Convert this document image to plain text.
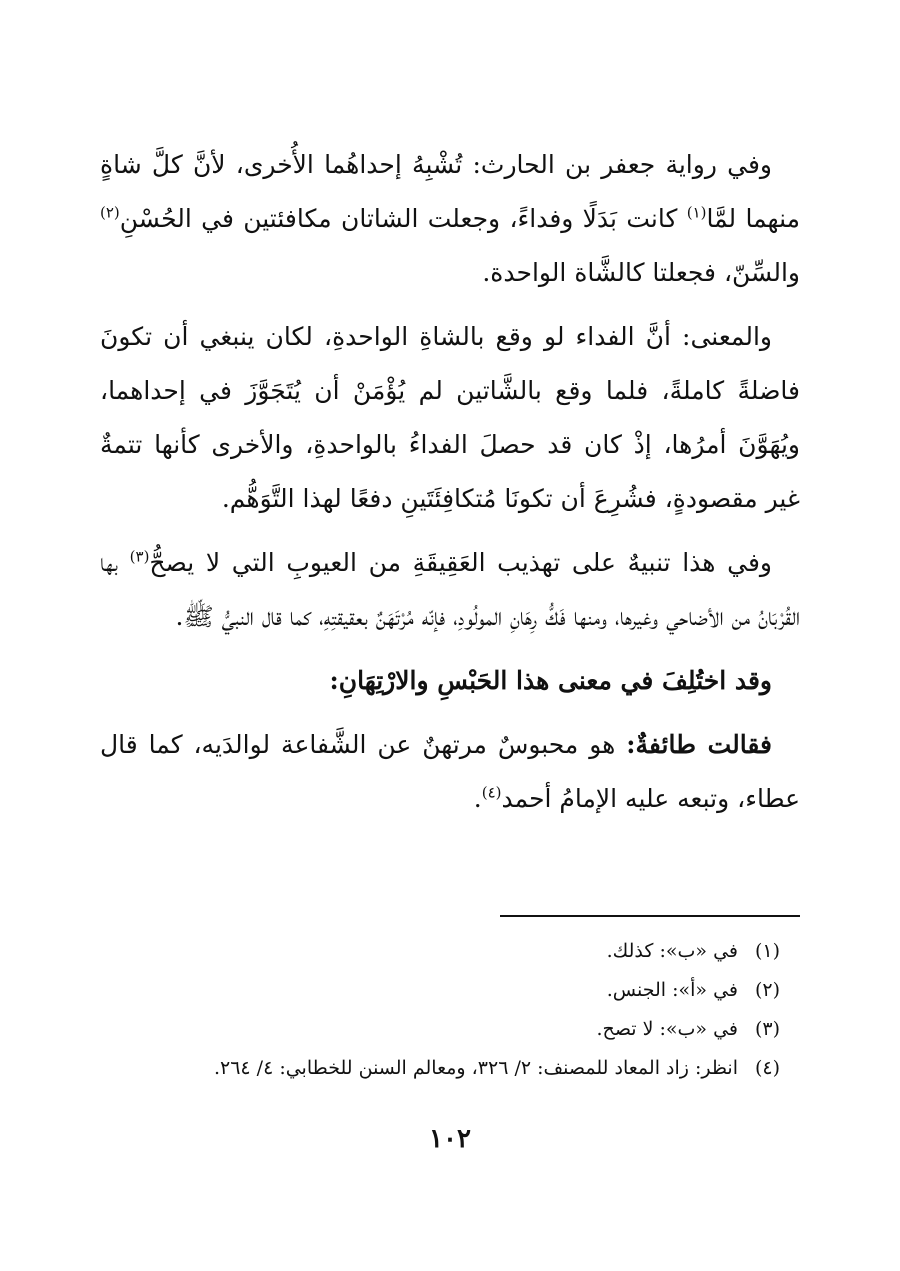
وفي رواية جعفر بن الحارث: تُشْبِهُ إحداهُما الأُخرى، لأنَّ كلَّ شاةٍ منهما لمَّا$^{(١)}$ كانت بَدَلًا وفداءً، وجعلت الشاتان مكافئتين في الحُسْنِ$^{(٢)}$ والسِّنّ، فجعلتا كالشَّاة الواحدة.

والمعنى: أنَّ الفداء لو وقع بالشاةِ الواحدةِ، لكان ينبغي أن تكونَ فاضلةً كاملةً، فلما وقع بالشَّاتين لم يُؤْمَنْ أن يُتَجَوَّزَ في إحداهما، ويُهَوَّنَ أمرُها، إذْ كان قد حصلَ الفداءُ بالواحدةِ، والأخرى كأنها تتمةٌ غير مقصودةٍ، فشُرِعَ أن تكونَا مُتكافِئَتَينِ دفعًا لهذا التَّوَهُّم.

وفي هذا تنبيهٌ على تهذيب العَقِيقَةِ من العيوبِ التي لا يصحُّ$^{(٣)}$ بها القُرْبَانُ من الأضاحي وغيرها، ومنها فَكُّ رِهَانِ المولُودِ، فإنّه مُرْتَهَنٌ بعقيقتِهِ، كما قال النبيُّ ﷺ.

وقد اختُلِفَ في معنى هذا الحَبْسِ والارْتِهَانِ:

فقالت طائفةٌ: هو محبوسٌ مرتهنٌ عن الشَّفاعة لوالدَيه، كما قال عطاء، وتبعه عليه الإمامُ أحمد$^{(٤)}$.

(١)في «ب»: كذلك.
(٢)في «أ»: الجنس.
(٣)في «ب»: لا تصح.
(٤)انظر: زاد المعاد للمصنف: ٢/ ٣٢٦، ومعالم السنن للخطابي: ٤/ ٢٦٤.
١٠٢
